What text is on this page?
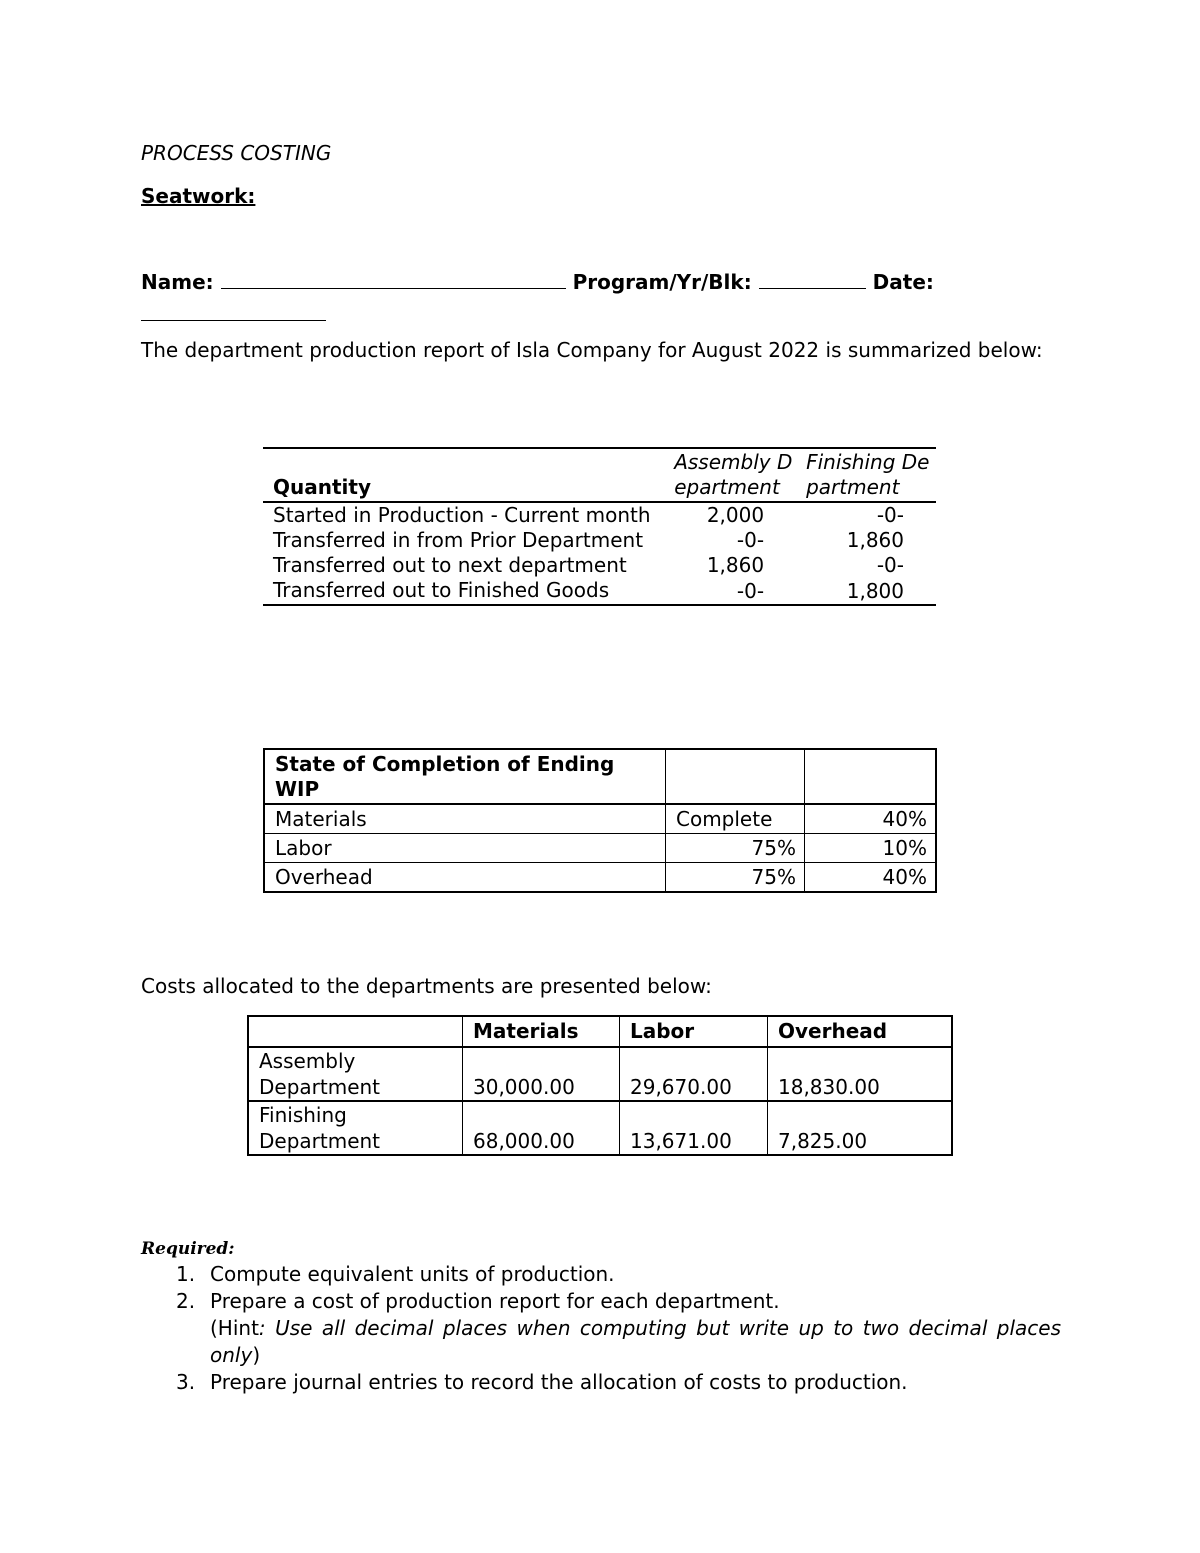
PROCESS COSTING
Seatwork:
Name:	Program/Yr/Blk:	Date:
The department production report of Isla Company for August 2022 is summarized below:
Quantity	Assembly Department	Finishing Department
Started in Production - Current month	2,000	-0-
Transferred in from Prior Department	-0-	1,860
Transferred out to next department	1,860	-0-
Transferred out to Finished Goods	-0-	1,800
State of Completion of Ending WIP		
Materials	Complete	40%
Labor	75%	10%
Overhead	75%	40%
Costs allocated to the departments are presented below:
	Materials	Labor	Overhead
Assembly Department	30,000.00	29,670.00	18,830.00
Finishing Department	68,000.00	13,671.00	7,825.00
Required:
1. Compute equivalent units of production.
2. Prepare a cost of production report for each department.
(Hint: Use all decimal places when computing but write up to two decimal places only)
3. Prepare journal entries to record the allocation of costs to production.
